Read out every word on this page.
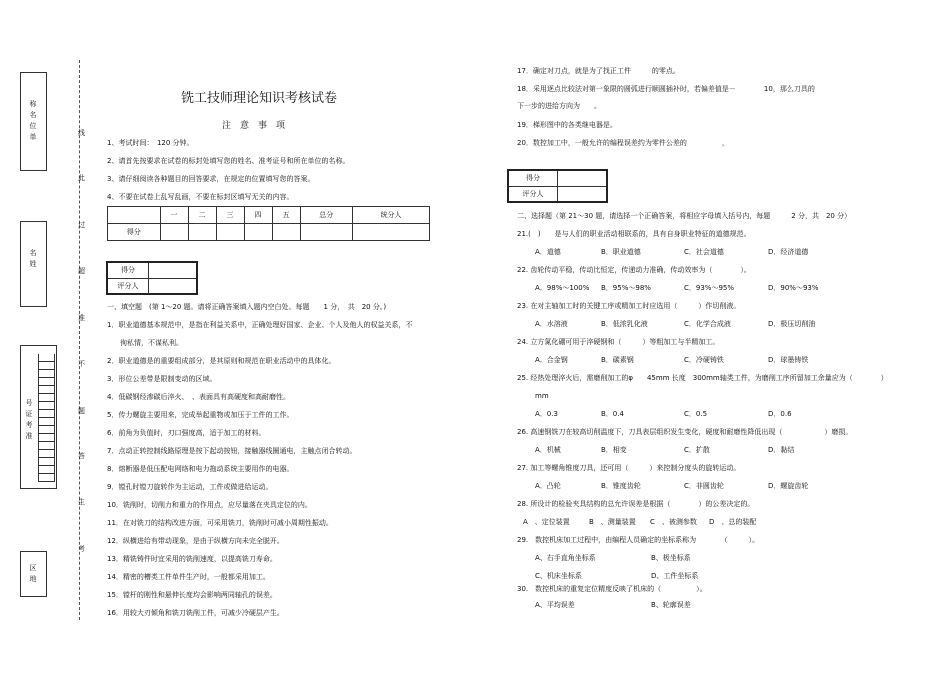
称名位单
名姓
号证考准
区地
线
此
过
超
准
不
题
答
生
考
铣工技师理论知识考核试卷
注　意　事　项
1、考试时间：　120 分钟。
2、请首先按要求在试卷的标封处填写您的姓名、准考证号和所在单位的名称。
3、请仔细阅读各种题目的回答要求，在规定的位置填写您的答案。
4、不要在试卷上乱写乱画，不要在标封区填写无关的内容。
	一	二	三	四	五	总分	统分人
得分							
得分	
评分人	
一、填空题　(第 1～20 题。请将正确答案填入题内空白处。每题　　1 分，　共　20 分。)
1．职业道德基本规范中，是指在利益关系中，正确处理好国家、企业、个人及他人的权益关系，不
徇私情，不谋私利。
2．职业道德是的重要组成部分，是其原则和规范在职业活动中的具体化。
3．形位公差带是限制变动的区域。
4．低碳钢经渗碳后淬火、　、表面具有高硬度和高耐磨性。
5．传力螺旋主要用来，完成举起重物或加压于工件的工作。
6．前角为负值时，刃口强度高，适于加工的材料。
7．点动正转控制线路原理是按下起动按钮，接触器线圈通电，主触点闭合转动。
8．熔断器是低压配电网络和电力拖动系统主要用作的电器。
9．镗孔时镗刀旋转作为主运动，工件或做进给运动。
10．铣削时，切削力和重力的作用点，应尽量落在夹具定位的内。
11．在对铣刀的结构改进方面，可采用铣刀，铣削时可减小周期性振动。
12．纵横进给有带动现象，是由于纵横方向未完全脱开。
13．精铣铸件时宜采用的铣削速度，以提高铣刀寿命。
14．精密的槽类工件单件生产时，一般都采用加工。
15．镗杆的刚性和悬伸长度均会影响两同轴孔的误差。
16．用较大刃倾角和铣刀铣削工件，可减少冷硬层产生。
17．确定对刀点，就是为了找正工件　　　的零点。
18．采用逐点比较法对第一象限的圆弧进行顺圆插补时，若偏差值是－　　　　10，那么刀具的
下一步的进给方向为　　。
19．梯形图中的各类继电器是。
20．数控加工中，一般允许的编程误差约为零件公差的　　　　　，
得分	
评分人	
二、选择题（第 21～30 题，请选择一个正确答案，将相应字母填入括号内，每题　　　2 分，共　20 分）
21.(　)　　是与人们的职业活动相联系的，具有自身职业特征的道德规范。
A．道德	B．职业道德	C．社会道德	D．经济道德
22. 齿轮传动平稳，传动比恒定，传递动力准确，传动效率为（　　　　）。
A．98%～100% B．95%～98%	C．93%～95%	D．90%～93%
23. 在对主轴加工时的关键工序或精加工时应选用（　　　）作切削液。
A．水溶液	B．低浓乳化液	C．化学合成液	D．极压切削油
24. 立方氮化硼可用于淬硬钢和（　　　）等粗加工与半精加工。
A．合金钢	B．碳素钢	C．冷硬铸铁	D．球墨铸铁
25. 经热处理淬火后，需磨削加工的φ　　45mm 长度　300mm轴类工件，为磨削工序所留加工余量应为（　　　　）
mm
A．0.3	B．0.4	C．0.5	D．0.6
26. 高速钢铣刀在较高切削温度下，刀具表层组织发生变化，硬度和耐磨性降低出现（　　　　　　）磨损。
A．机械	B．相变	C．扩散	D．黏结
27. 加工等螺角锥度刀具，还可用（　　　）来控制分度头的旋转运动。
A．凸轮	B．锥度齿轮	C．非圆齿轮	D．螺旋齿轮
28. 所设计的检验夹具结构的总允许误差是根据（　　　　）的公差决定的。
A　、定位装置	B　、测量装置 C　、被测参数 D　、总的装配
29.　数控机床加工过程中，由编程人员确定的坐标系称为　　　　（　　　）。
A、右手直角坐标系	B、极坐标系
C、机床坐标系	D、工件坐标系
30.　数控机床的重复定位精度反映了机床的（　　　　　）。
A、平均误差	B、轮廓误差
